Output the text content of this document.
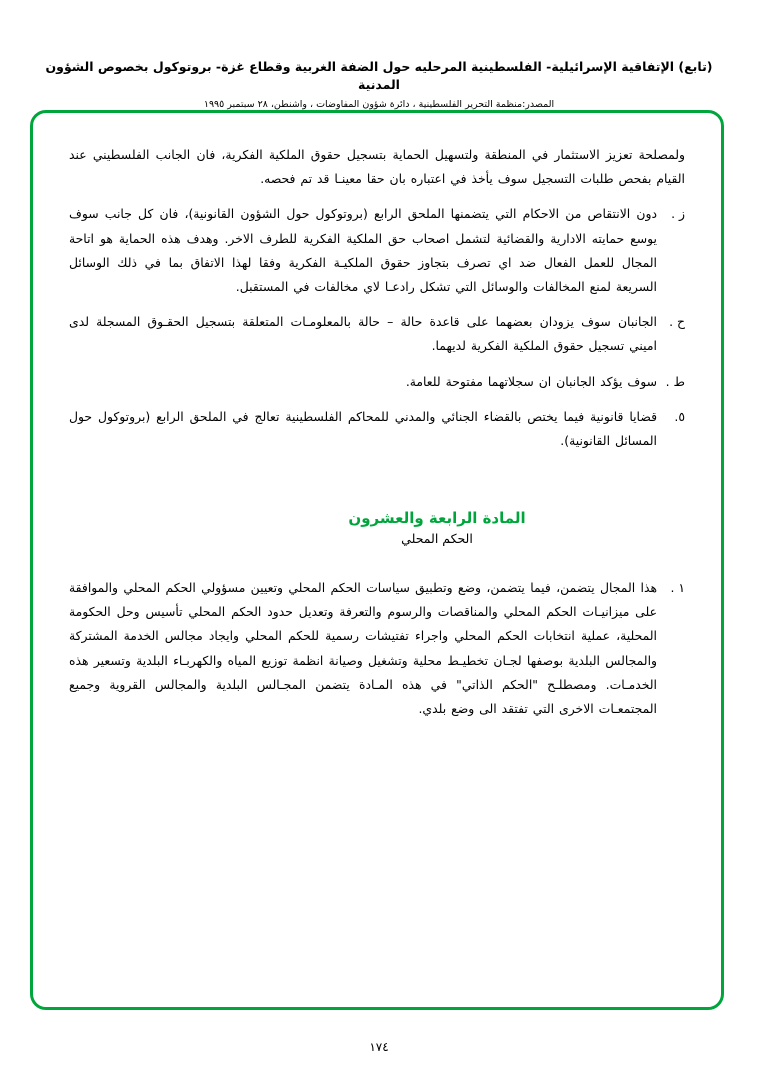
(تابع) الإتفاقية الإسرائيلية- الفلسطينية المرحليه حول الضفة الغربية وقطاع غزة- بروتوكول بخصوص الشؤون المدنية
المصدر:منظمة التحرير الفلسطينية ، دائرة شؤون المفاوضات ، واشنطن، ٢٨ سبتمبر ١٩٩٥
ولمصلحة تعزيز الاستثمار في المنطقة ولتسهيل الحماية بتسجيل حقوق الملكية الفكرية، فان الجانب الفلسطيني عند القيام بفحص طلبات التسجيل سوف يأخذ في اعتباره بان حقا معينـا قد تم فحصه.
ز .
دون الانتقاص من الاحكام التي يتضمنها الملحق الرابع (بروتوكول حول الشؤون القانونية)، فان كل جانب سوف يوسع حمايته الادارية والقضائية لتشمل اصحاب حق الملكية الفكرية للطرف الاخر. وهدف هذه الحماية هو اتاحة المجال للعمل الفعال ضد اي تصرف بتجاوز حقوق الملكيـة الفكرية وفقا لهذا الاتفاق بما في ذلك الوسائل السريعة لمنع المخالفات والوسائل التي تشكل رادعـا لاي مخالفات في المستقبل.
ح .
الجانبان سوف يزودان بعضهما على قاعدة حالة – حالة بالمعلومـات المتعلقة بتسجيل الحقـوق المسجلة لدى اميني تسجيل حقوق الملكية الفكرية لديهما.
ط .
سوف يؤكد الجانبان ان سجلاتهما مفتوحة للعامة.
٥.
قضايا قانونية فيما يختص بالقضاء الجنائي والمدني للمحاكم الفلسطينية تعالج في الملحق الرابع (بروتوكول حول المسائل القانونية).
المادة الرابعة والعشرون
الحكم المحلي
١ .
هذا المجال يتضمن، فيما يتضمن، وضع وتطبيق سياسات الحكم المحلي وتعيين مسؤولي الحكم المحلي والموافقة على ميزانيـات الحكم المحلي والمناقصات والرسوم والتعرفة وتعديل حدود الحكم المحلي تأسيس وحل الحكومة المحلية، عملية انتخابات الحكم المحلي واجراء تفتيشات رسمية للحكم المحلي وايجاد مجالس الخدمة المشتركة والمجالس البلدية بوصفها لجـان تخطيـط محلية وتشغيل وصيانة انظمة توزيع المياه والكهربـاء البلدية وتسعير هذه الخدمـات. ومصطلـح "الحكم الذاتي" في هذه المـادة يتضمن المجـالس البلدية والمجالس القروية وجميع المجتمعـات الاخرى التي تفتقد الى وضع بلدي.
١٧٤
